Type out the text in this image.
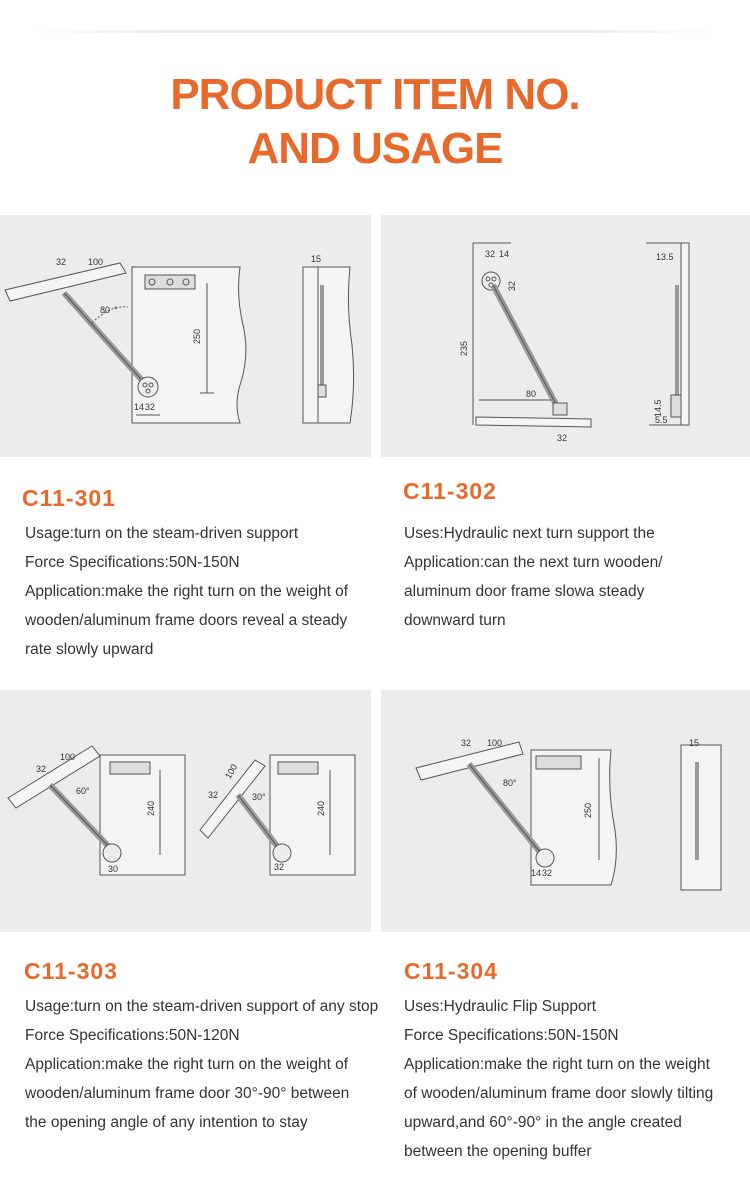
PRODUCT ITEM NO.
AND USAGE
32 100
80 °
250
14 32
15	32 14
32
235
80
32
13.5
14.5
5.5
C11-301
Usage:turn on the steam-driven support
Force Specifications:50N-150N
Application:make the right turn on the weight of
wooden/aluminum frame doors reveal a steady
rate slowly upward
C11-302
Uses:Hydraulic next turn support the
Application:can the next turn wooden/
aluminum door frame slowa steady
downward turn
32
100
60°
240
30
100
32	30°
240
32
32 100
80°
250
14 32
15
C11-303
Usage:turn on the steam-driven support of any stop
Force Specifications:50N-120N
Application:make the right turn on the weight of
wooden/aluminum frame door 30°-90° between
the opening angle of any intention to stay
C11-304
Uses:Hydraulic Flip Support
Force Specifications:50N-150N
Application:make the right turn on the weight
of wooden/aluminum frame door slowly tilting
upward,and 60°-90° in the angle created
between the opening buffer
